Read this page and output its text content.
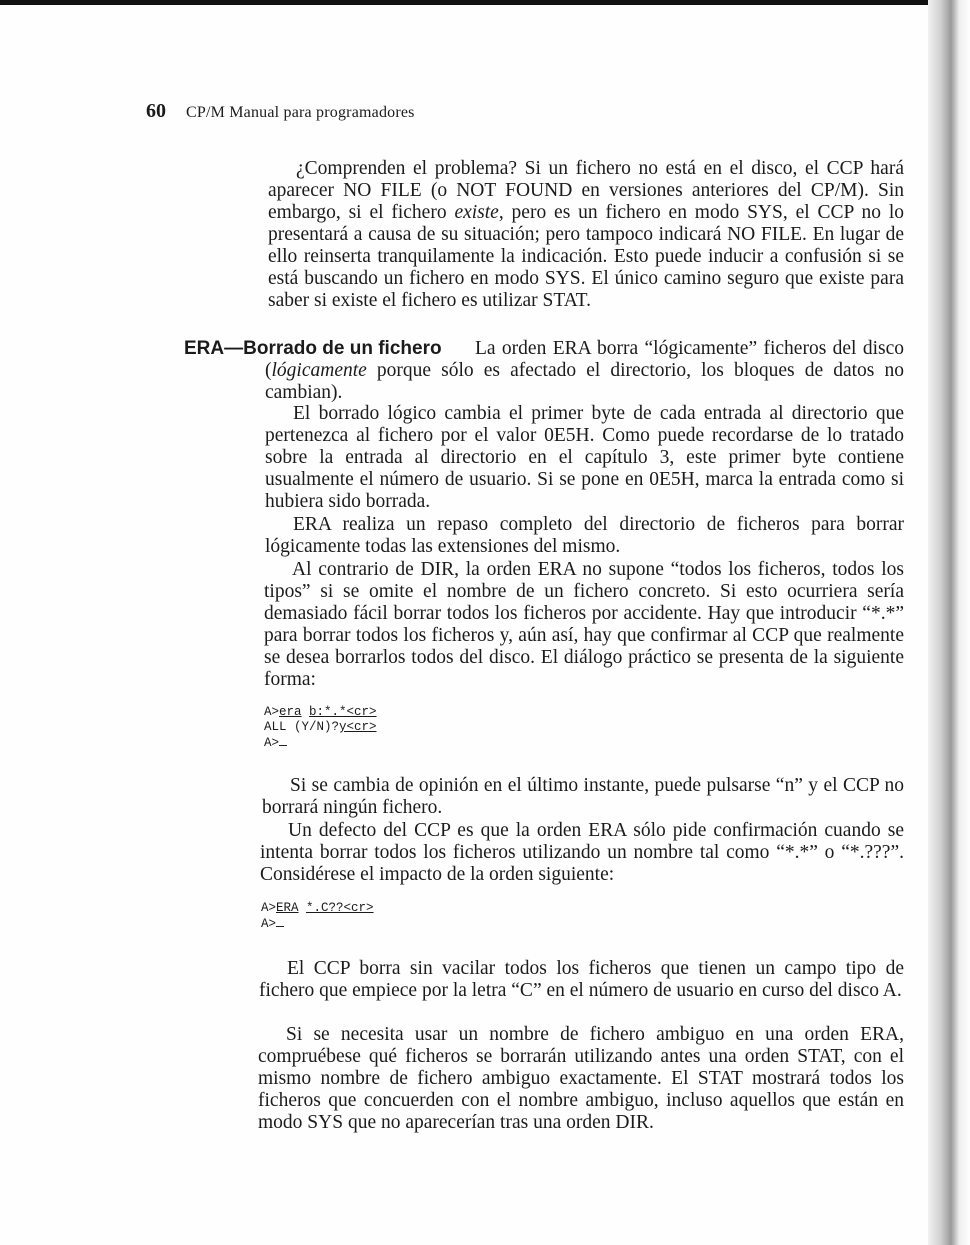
60 CP/M Manual para programadores

¿Comprenden el problema? Si un fichero no está en el disco, el CCP hará aparecer NO FILE (o NOT FOUND en versiones anteriores del CP/M). Sin embargo, si el fichero existe, pero es un fichero en modo SYS, el CCP no lo presentará a causa de su situación; pero tampoco indicará NO FILE. En lugar de ello reinserta tranquilamente la indicación. Esto puede inducir a confusión si se está buscando un fichero en modo SYS. El único camino seguro que existe para saber si existe el fichero es utilizar STAT.

ERA—Borrado de un fichero La orden ERA borra “lógicamente” ficheros del disco (lógicamente porque sólo es afectado el directorio, los bloques de datos no cambian).

El borrado lógico cambia el primer byte de cada entrada al directorio que pertenezca al fichero por el valor 0E5H. Como puede recordarse de lo tratado sobre la entrada al directorio en el capítulo 3, este primer byte contiene usualmente el número de usuario. Si se pone en 0E5H, marca la entrada como si hubiera sido borrada.

ERA realiza un repaso completo del directorio de ficheros para borrar lógicamente todas las extensiones del mismo.

Al contrario de DIR, la orden ERA no supone “todos los ficheros, todos los tipos” si se omite el nombre de un fichero concreto. Si esto ocurriera sería demasiado fácil borrar todos los ficheros por accidente. Hay que introducir “*.*” para borrar todos los ficheros y, aún así, hay que confirmar al CCP que realmente se desea borrarlos todos del disco. El diálogo práctico se presenta de la siguiente forma:

A>era b:*.*<cr>
ALL (Y/N)?y<cr>
A>

Si se cambia de opinión en el último instante, puede pulsarse “n” y el CCP no borrará ningún fichero.

Un defecto del CCP es que la orden ERA sólo pide confirmación cuando se intenta borrar todos los ficheros utilizando un nombre tal como “*.*” o “*.???”. Considérese el impacto de la orden siguiente:

A>ERA *.C??<cr>
A>

El CCP borra sin vacilar todos los ficheros que tienen un campo tipo de fichero que empiece por la letra “C” en el número de usuario en curso del disco A.

Si se necesita usar un nombre de fichero ambiguo en una orden ERA, compruébese qué ficheros se borrarán utilizando antes una orden STAT, con el mismo nombre de fichero ambiguo exactamente. El STAT mostrará todos los ficheros que concuerden con el nombre ambiguo, incluso aquellos que están en modo SYS que no aparecerían tras una orden DIR.
